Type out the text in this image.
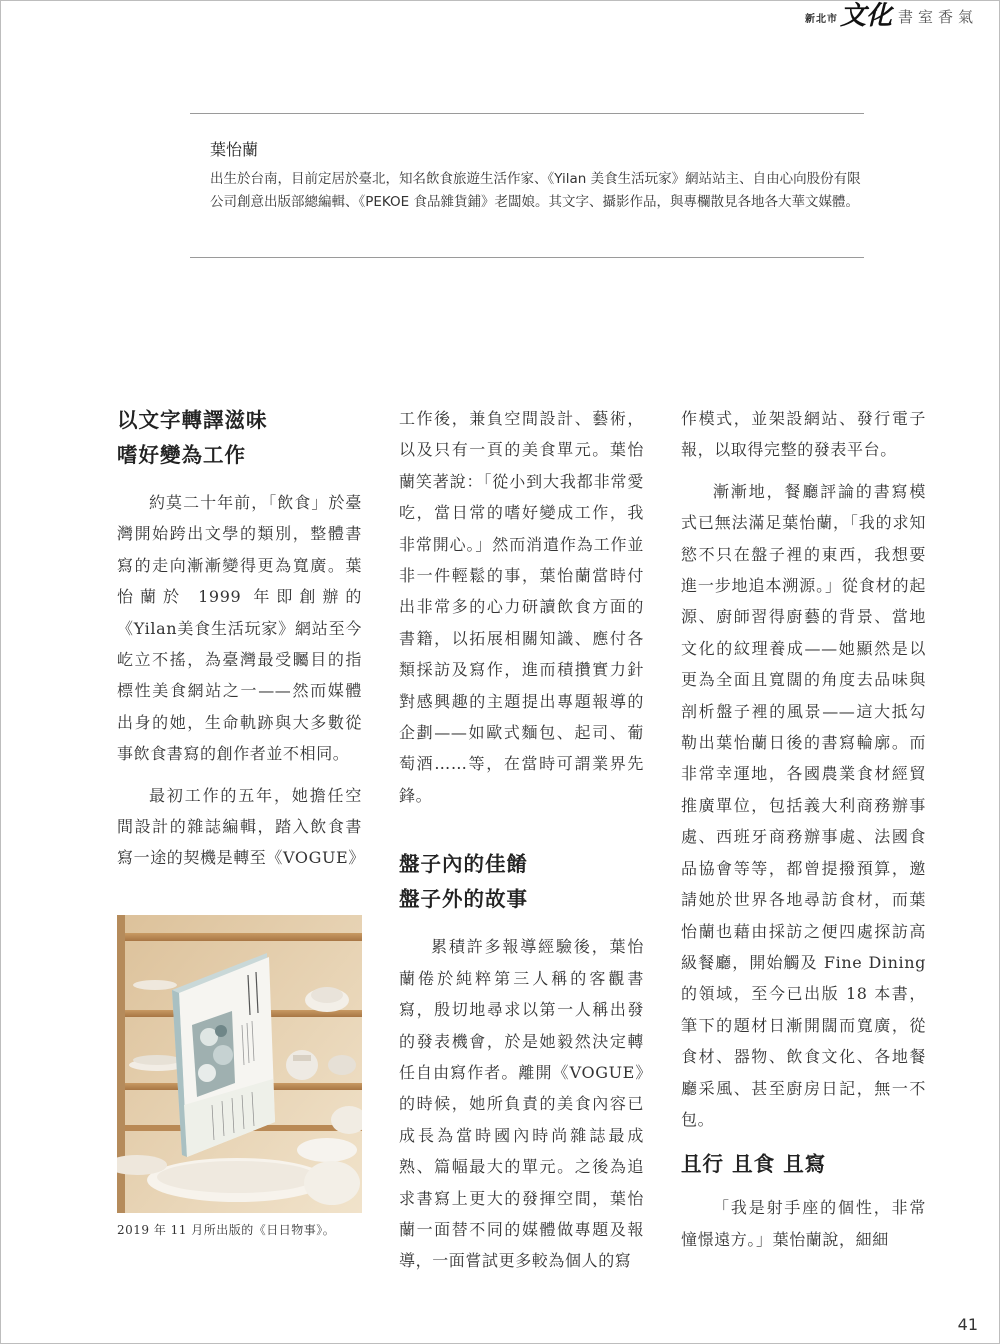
新北市 文化 書室香氣
葉怡蘭

出生於台南，目前定居於臺北，知名飲食旅遊生活作家、《Yilan 美食生活玩家》網站站主、自由心向股份有限公司創意出版部總編輯、《PEKOE 食品雜貨鋪》老闆娘。其文字、攝影作品，與專欄散見各地各大華文媒體。

以文字轉譯滋味
嗜好變為工作

約莫二十年前，「飲食」於臺灣開始跨出文學的類別，整體書寫的走向漸漸變得更為寬廣。葉怡蘭於 1999 年即創辦的《Yilan美食生活玩家》網站至今屹立不搖，為臺灣最受矚目的指標性美食網站之一——然而媒體出身的她，生命軌跡與大多數從事飲食書寫的創作者並不相同。

最初工作的五年，她擔任空間設計的雜誌編輯，踏入飲食書寫一途的契機是轉至《VOGUE》

2019 年 11 月所出版的《日日物事》。

工作後，兼負空間設計、藝術，以及只有一頁的美食單元。葉怡蘭笑著說：「從小到大我都非常愛吃，當日常的嗜好變成工作，我非常開心。」然而消遣作為工作並非一件輕鬆的事，葉怡蘭當時付出非常多的心力研讀飲食方面的書籍，以拓展相關知識、應付各類採訪及寫作，進而積攢實力針對感興趣的主題提出專題報導的企劃——如歐式麵包、起司、葡萄酒……等，在當時可謂業界先鋒。

盤子內的佳餚
盤子外的故事

累積許多報導經驗後，葉怡蘭倦於純粹第三人稱的客觀書寫，殷切地尋求以第一人稱出發的發表機會，於是她毅然決定轉任自由寫作者。離開《VOGUE》的時候，她所負責的美食內容已成長為當時國內時尚雜誌最成熟、篇幅最大的單元。之後為追求書寫上更大的發揮空間，葉怡蘭一面替不同的媒體做專題及報導，一面嘗試更多較為個人的寫

作模式，並架設網站、發行電子報，以取得完整的發表平台。

漸漸地，餐廳評論的書寫模式已無法滿足葉怡蘭，「我的求知慾不只在盤子裡的東西，我想要進一步地追本溯源。」從食材的起源、廚師習得廚藝的背景、當地文化的紋理養成——她顯然是以更為全面且寬闊的角度去品味與剖析盤子裡的風景——這大抵勾勒出葉怡蘭日後的書寫輪廓。而非常幸運地，各國農業食材經貿推廣單位，包括義大利商務辦事處、西班牙商務辦事處、法國食品協會等等，都曾提撥預算，邀請她於世界各地尋訪食材，而葉怡蘭也藉由採訪之便四處探訪高級餐廳，開始觸及 Fine Dining 的領域，至今已出版 18 本書，筆下的題材日漸開闊而寬廣，從食材、器物、飲食文化、各地餐廳采風、甚至廚房日記，無一不包。

且行 且食 且寫

「我是射手座的個性，非常憧憬遠方。」葉怡蘭說，細細

41
